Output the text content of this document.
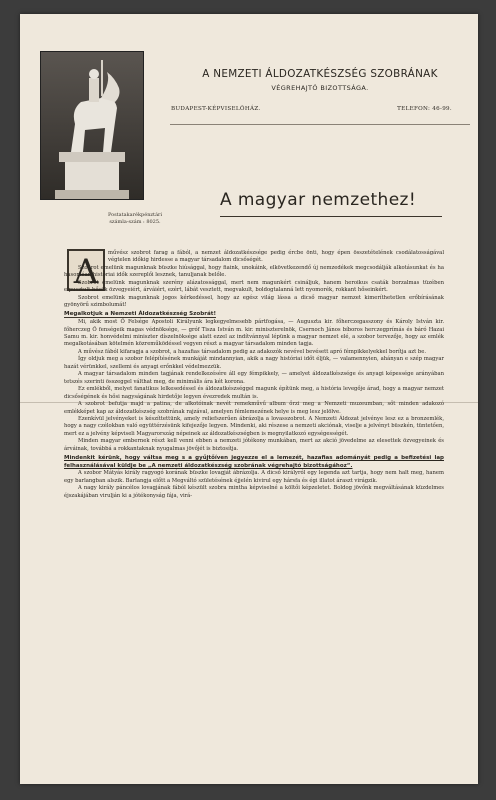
Postatakarékpénztári számla-szám : 8025.
A NEMZETI ÁLDOZATKÉSZSÉG SZOBRÁNAK
VÉGREHAJTÓ BIZOTTSÁGA.
BUDAPEST-KÉPVISELŐHÁZ.	TELEFON: 46-99.
A magyar nemzethez!
A	művész szobrot farag a fából, a nemzet áldozatkészsége pedig ércbe önti, hogy épen összetételének csodálatosságával végtelen időkig hirdesse a magyar társadalom dicsőségét.

Szobrot emelünk magunknak büszke hiúsággal, hogy fiaink, unokáink, elkövetkezendő új nemzedékek megcsodálják alkotásunkat és ha hasonlóan históriai idők szereplői lesznek, tanuljanak belőle.

Szobrot emelünk magunknak szerény alázatossággal, mert nem magunkért csináljuk, hanem heroikus csaták borzalmas tüzében elpusztult hősök özvegyeiért, árváiért, ezért, lábát vesztett, megvakult, boldogtalanná lett nyomorék, rokkant hőseinkért.

Szobrot emelünk magunknak jogos kérkedéssel, hogy az egész világ lássa a dicső magyar nemzet kimeríthetetlen erőbírásának gyönyörű szimbolumát!

Megalkotjuk a Nemzeti Áldozatkészség Szobrát!

Mi, akik most Ő Felsége Apostoli Királyunk legkegyelmesebb pártfogása, — Auguszta kir. főherczegasszony és Károly István kir. főherczeg Ő fenségeik magas védnöksége, — gróf Tisza István m. kir. miniszterelnök, Csernoch János bíboros herczegprímás és báró Hazai Samu m. kir. honvédelmi miniszter díszelnöksége alatt ezzel az indítvánnyal lépünk a magyar nemzet elé, a szobor tervezője, hogy az emlék megalkotásában kötelmén közreműködéssel vegyen részt a magyar társadalom minden tagja.

A művész fából kifaragja a szobrot, a hazafias társadalom pedig az adakozók nevével bevésett apró fémpikkelyekkel borítja azt be.

Így oldjuk meg a szobor felépítésének munkáját mindannyian, akik a nagy históriai időt éljük, — valamennyien, ahányan e szép magyar hazát vérünkkel, szellemi és anyagi erőnkkel védelmezzük.

A magyar társadalom minden tagjának rendelkezésére áll egy fémpikkely, — amelyet áldozatkészsége és anyagi képessége arányában tetszés szerinti összeggel válthat meg, de minimális ára két korona.

Ez emlékből, melyet fanatikus lelkesedéssel és áldozatkészséggel magunk építünk meg, a história levegője árad, hogy a magyar nemzet dicsőségének és hősi nagyságának hirdetője legyen évezredek multán is.

A szobrot befutja majd a patina, de alkotóinak nevét remekművű album őrzi meg a Nemzeti muzeumban, sőt minden adakozó emlékképet kap az áldozatkészség szobrának rajzával, amelyen fémlemezének helye is meg lesz jelölve.

Ezenkívül jelvényeket is készíttettünk, amely reliefszerűen ábrázolja a lovasszobrot. A Nemzeti Áldozat jelvénye lesz ez a bronzemlék, hogy a nagy czélokban való együttérzésünk kifejezője legyen. Mindenki, aki részese a nemzeti akciónak, viselje a jelvényt büszkén, tüntetően, mert ez a jelvény képviseli Magyarország népeinek az áldozatkészségben is megnyilatkozó egységességét.

Minden magyar embernek részt kell venni ebben a nemzeti jótékony munkában, mert az akció jövedelme az elesettek özvegyeinek és árváinak, továbbá a rokkantaknak nyugalmas jövőjét is biztosítja.

Mindenkit kérünk, hogy váltsa meg s a gyűjtőíven jegyezze el a lemezét, hazafias adományát pedig a befizetési lap felhasználásával küldje be „A nemzeti áldozatkészség szobrának végrehajtó bizottságához“.

A szobor Mátyás király ragyogó korának büszke lovagját ábrázolja. A dicső királyról egy legenda azt tartja, hogy nem halt meg, hanem egy barlangban alszik. Barlangja előtt a Megváltó születésének éjjelén kivirul egy hársfa és égi illatot áraszt virágzik.

A nagy király páncélos lovagjának fából készült szobra mintha képviselné a költői képzeletet. Boldog jövőnk megváltásának küzdelmes éjszakájában virulján ki a jótékonyság fája, virá-
